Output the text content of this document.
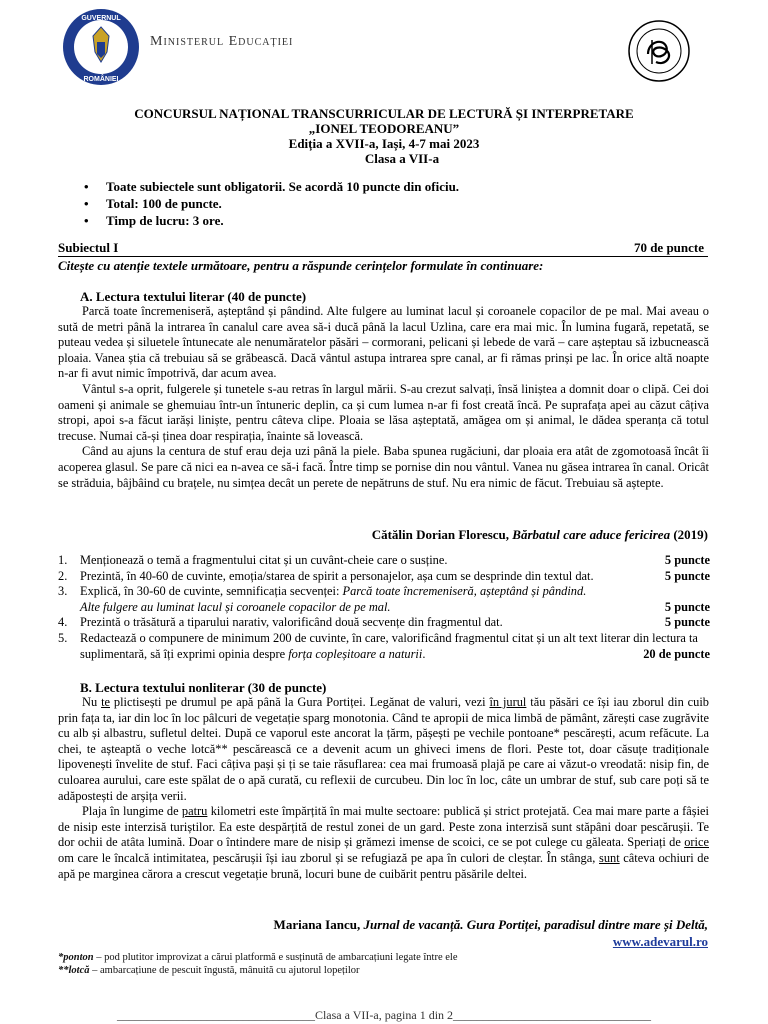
GUVERNUL
ROMÂNIEI
Ministerul Educației
CONCURSUL NAȚIONAL TRANSCURRICULAR DE LECTURĂ ȘI INTERPRETARE
„IONEL TEODOREANU”
Ediția a XVII-a, Iași, 4-7 mai 2023
Clasa a VII-a
• Toate subiectele sunt obligatorii. Se acordă 10 puncte din oficiu.
• Total: 100 de puncte.
• Timp de lucru: 3 ore.
Subiectul I	70 de puncte
Citește cu atenție textele următoare, pentru a răspunde cerințelor formulate în continuare:
A. Lectura textului literar (40 de puncte)

Parcă toate încremeniseră, așteptând și pândind. Alte fulgere au luminat lacul și coroanele copacilor de pe mal. Mai aveau o sută de metri până la intrarea în canalul care avea să-i ducă până la lacul Uzlina, care era mai mic. În lumina fugară, repetată, se puteau vedea și siluetele întunecate ale nenumăratelor păsări – cormorani, pelicani și lebede de vară – care așteptau să izbucnească ploaia. Vanea știa că trebuiau să se grăbească. Dacă vântul astupa intrarea spre canal, ar fi rămas prinși pe lac. În orice altă noapte n-ar fi avut nimic împotrivă, dar acum avea.

Vântul s-a oprit, fulgerele și tunetele s-au retras în largul mării. S-au crezut salvați, însă liniștea a domnit doar o clipă. Cei doi oameni și animale se ghemuiau într-un întuneric deplin, ca și cum lumea n-ar fi fost creată încă. Pe suprafața apei au căzut câțiva stropi, apoi s-a făcut iarăși liniște, pentru câteva clipe. Ploaia se lăsa așteptată, amăgea om și animal, le dădea speranța că totul trecuse. Numai că-și ținea doar respirația, înainte să lovească.

Când au ajuns la centura de stuf erau deja uzi până la piele. Baba spunea rugăciuni, dar ploaia era atât de zgomotoasă încât îi acoperea glasul. Se pare că nici ea n-avea ce să-i facă. Între timp se pornise din nou vântul. Vanea nu găsea intrarea în canal. Oricât se străduia, bâjbâind cu brațele, nu simțea decât un perete de nepătruns de stuf. Nu era nimic de făcut. Trebuiau să aștepte.

Cătălin Dorian Florescu, Bărbatul care aduce fericirea (2019)
1. Menționează o temă a fragmentului citat și un cuvânt-cheie care o susține.	5 puncte
2. Prezintă, în 40-60 de cuvinte, emoția/starea de spirit a personajelor, așa cum se desprinde din textul dat.	5 puncte
3. Explică, în 30-60 de cuvinte, semnificația secvenței: Parcă toate încremeniseră, așteptând și pândind.
Alte fulgere au luminat lacul și coroanele copacilor de pe mal.	5 puncte
4. Prezintă o trăsătură a tiparului narativ, valorificând două secvențe din fragmentul dat.	5 puncte
5. Redactează o compunere de minimum 200 de cuvinte, în care, valorificând fragmentul citat și un alt text literar din lectura ta suplimentară, să îți exprimi opinia despre forța copleșitoare a naturii.	20 de puncte
B. Lectura textului nonliterar (30 de puncte)

Nu te plictisești pe drumul pe apă până la Gura Portiței. Legănat de valuri, vezi în jurul tău păsări ce își iau zborul din cuib prin fața ta, iar din loc în loc pâlcuri de vegetație sparg monotonia. Când te apropii de mica limbă de pământ, zărești case zugrăvite cu alb și albastru, sufletul deltei. După ce vaporul este ancorat la țărm, pășești pe vechile pontoane* pescărești, acum refăcute. La chei, te așteaptă o veche lotcă** pescărească ce a devenit acum un ghiveci imens de flori. Peste tot, doar căsuțe tradiționale lipovenești învelite de stuf. Faci câțiva pași și ți se taie răsuflarea: cea mai frumoasă plajă pe care ai văzut-o vreodată: nisip fin, de culoarea aurului, care este spălat de o apă curată, cu reflexii de curcubeu. Din loc în loc, câte un umbrar de stuf, sub care poți să te adăpostești de arșița verii.

Plaja în lungime de patru kilometri este împărțită în mai multe sectoare: publică și strict protejată. Cea mai mare parte a fâșiei de nisip este interzisă turiștilor. Ea este despărțită de restul zonei de un gard. Peste zona interzisă sunt stăpâni doar pescărușii. Te dor ochii de atâta lumină. Doar o întindere mare de nisip și grămezi imense de scoici, ce se pot culege cu găleata. Speriați de orice om care le încalcă intimitatea, pescărușii își iau zborul și se refugiază pe apa în culori de cleștar. În stânga, sunt câteva ochiuri de apă pe marginea cărora a crescut vegetație brună, locuri bune de cuibărit pentru păsările deltei.

Mariana Iancu, Jurnal de vacanță. Gura Portiței, paradisul dintre mare și Deltă,
www.adevarul.ro
*ponton – pod plutitor improvizat a cărui platformă e susținută de ambarcațiuni legate între ele
**lotcă – ambarcațiune de pescuit îngustă, mânuită cu ajutorul lopeților
_________________________________Clasa a VII-a, pagina 1 din 2_________________________________
